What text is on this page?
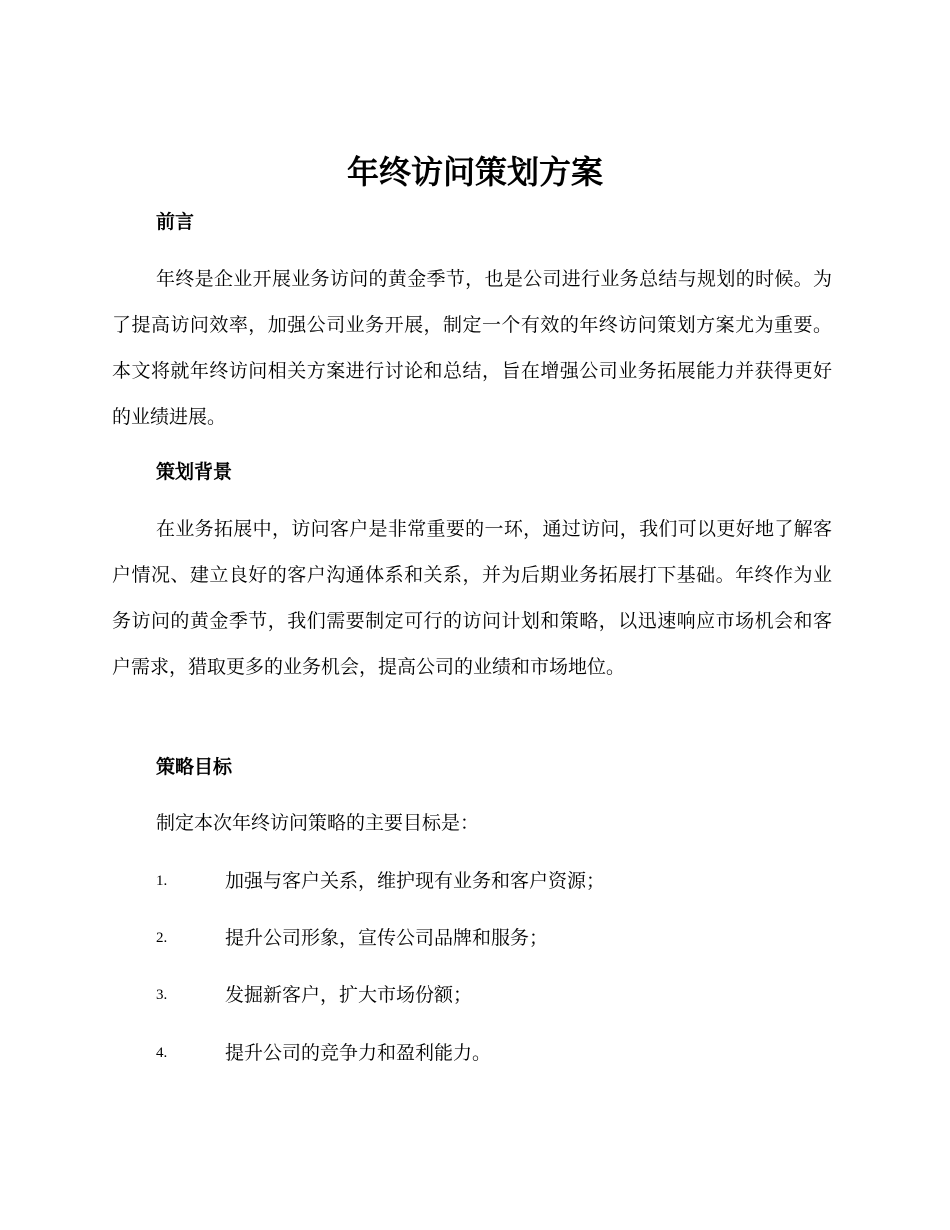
年终访问策划方案
前言

年终是企业开展业务访问的黄金季节，也是公司进行业务总结与规划的时候。为了提高访问效率，加强公司业务开展，制定一个有效的年终访问策划方案尤为重要。本文将就年终访问相关方案进行讨论和总结，旨在增强公司业务拓展能力并获得更好的业绩进展。

策划背景

在业务拓展中，访问客户是非常重要的一环，通过访问，我们可以更好地了解客户情况、建立良好的客户沟通体系和关系，并为后期业务拓展打下基础。年终作为业务访问的黄金季节，我们需要制定可行的访问计划和策略，以迅速响应市场机会和客户需求，猎取更多的业务机会，提高公司的业绩和市场地位。

策略目标

制定本次年终访问策略的主要目标是：

1.	加强与客户关系，维护现有业务和客户资源；
2.	提升公司形象，宣传公司品牌和服务；
3.	发掘新客户，扩大市场份额；
4.	提升公司的竞争力和盈利能力。
